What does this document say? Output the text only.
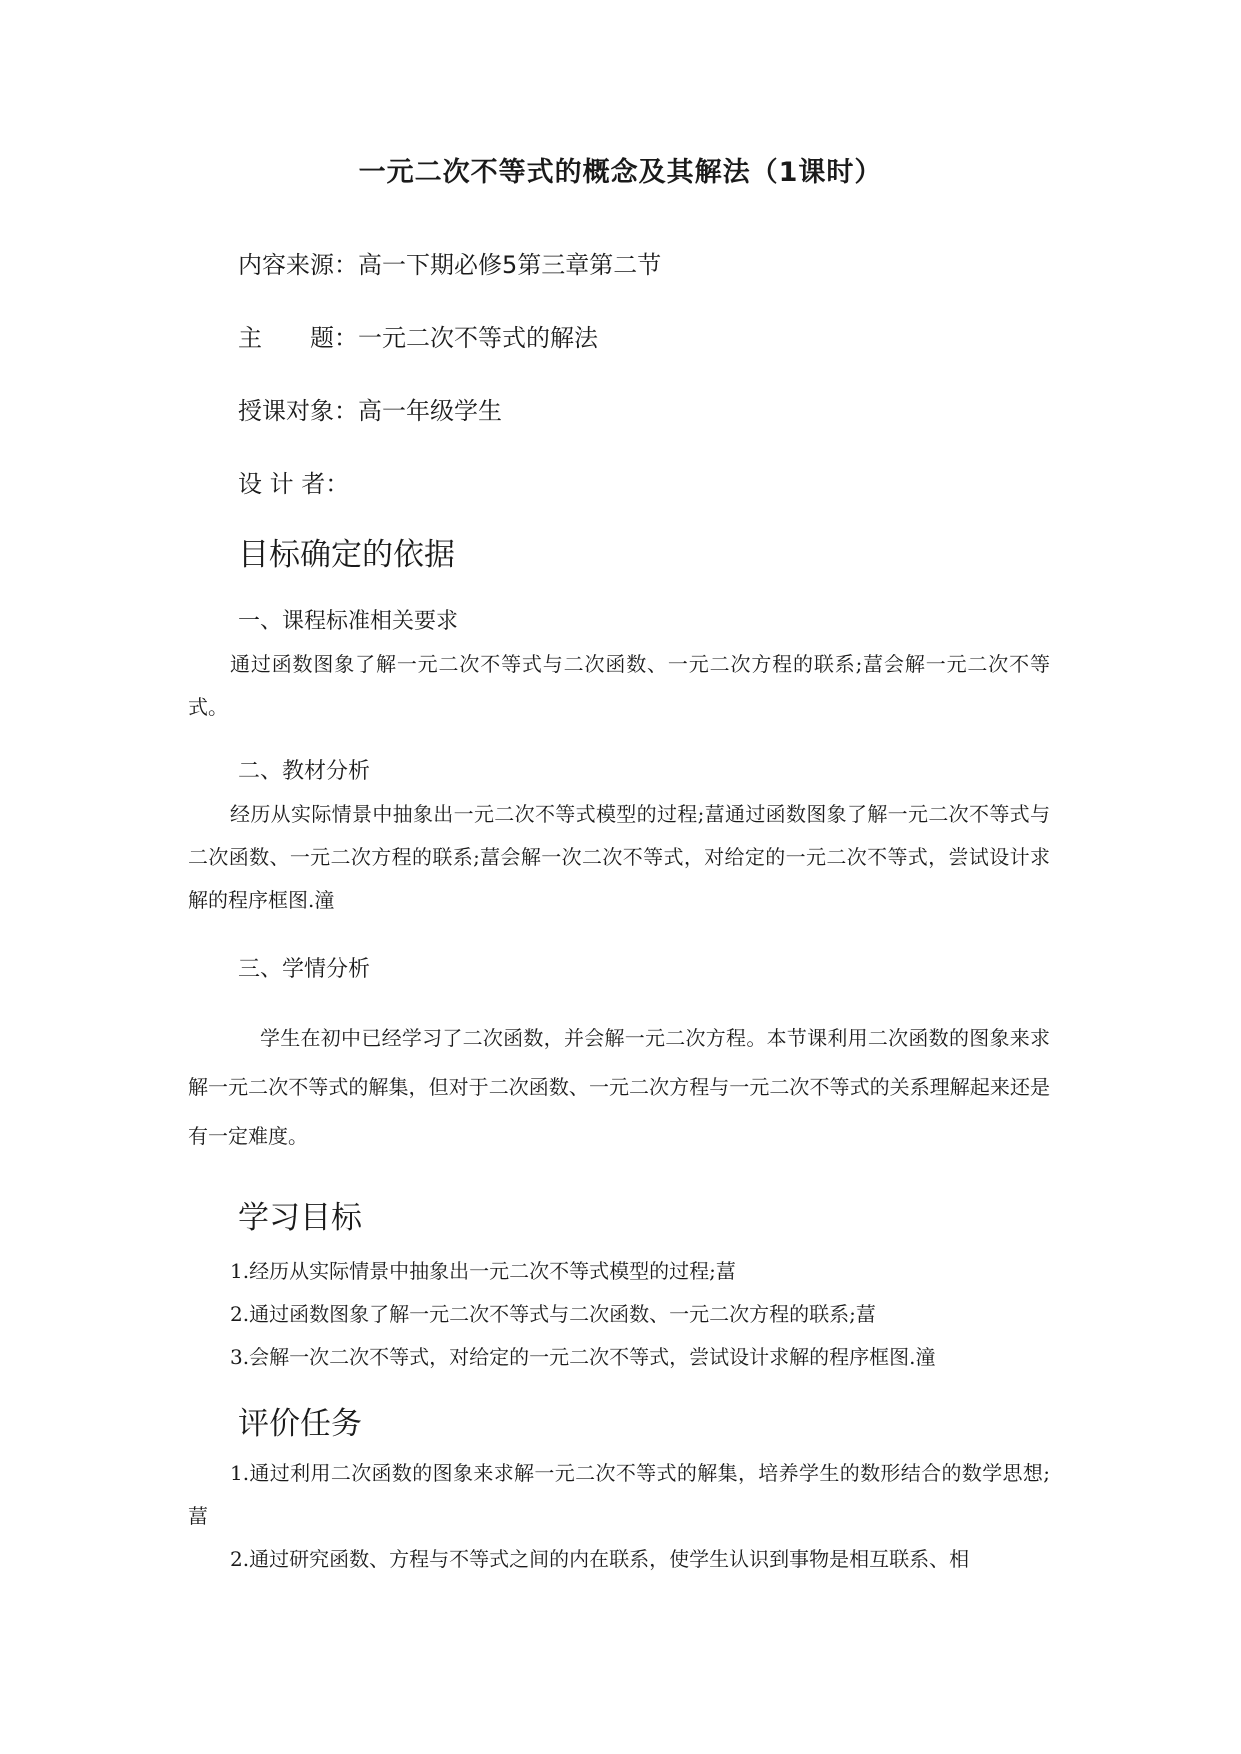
一元二次不等式的概念及其解法（1课时）
内容来源：高一下期必修5第三章第二节
主　　题：一元二次不等式的解法
授课对象：高一年级学生
设 计 者：
目标确定的依据
一、课程标准相关要求
通过函数图象了解一元二次不等式与二次函数、一元二次方程的联系;葍会解一元二次不等式。
二、教材分析
经历从实际情景中抽象出一元二次不等式模型的过程;葍通过函数图象了解一元二次不等式与二次函数、一元二次方程的联系;葍会解一次二次不等式，对给定的一元二次不等式，尝试设计求解的程序框图.潼
三、学情分析
学生在初中已经学习了二次函数，并会解一元二次方程。本节课利用二次函数的图象来求解一元二次不等式的解集，但对于二次函数、一元二次方程与一元二次不等式的关系理解起来还是有一定难度。
学习目标
1.经历从实际情景中抽象出一元二次不等式模型的过程;葍
2.通过函数图象了解一元二次不等式与二次函数、一元二次方程的联系;葍
3.会解一次二次不等式，对给定的一元二次不等式，尝试设计求解的程序框图.潼
评价任务
1.通过利用二次函数的图象来求解一元二次不等式的解集，培养学生的数形结合的数学思想;葍
2.通过研究函数、方程与不等式之间的内在联系，使学生认识到事物是相互联系、相
